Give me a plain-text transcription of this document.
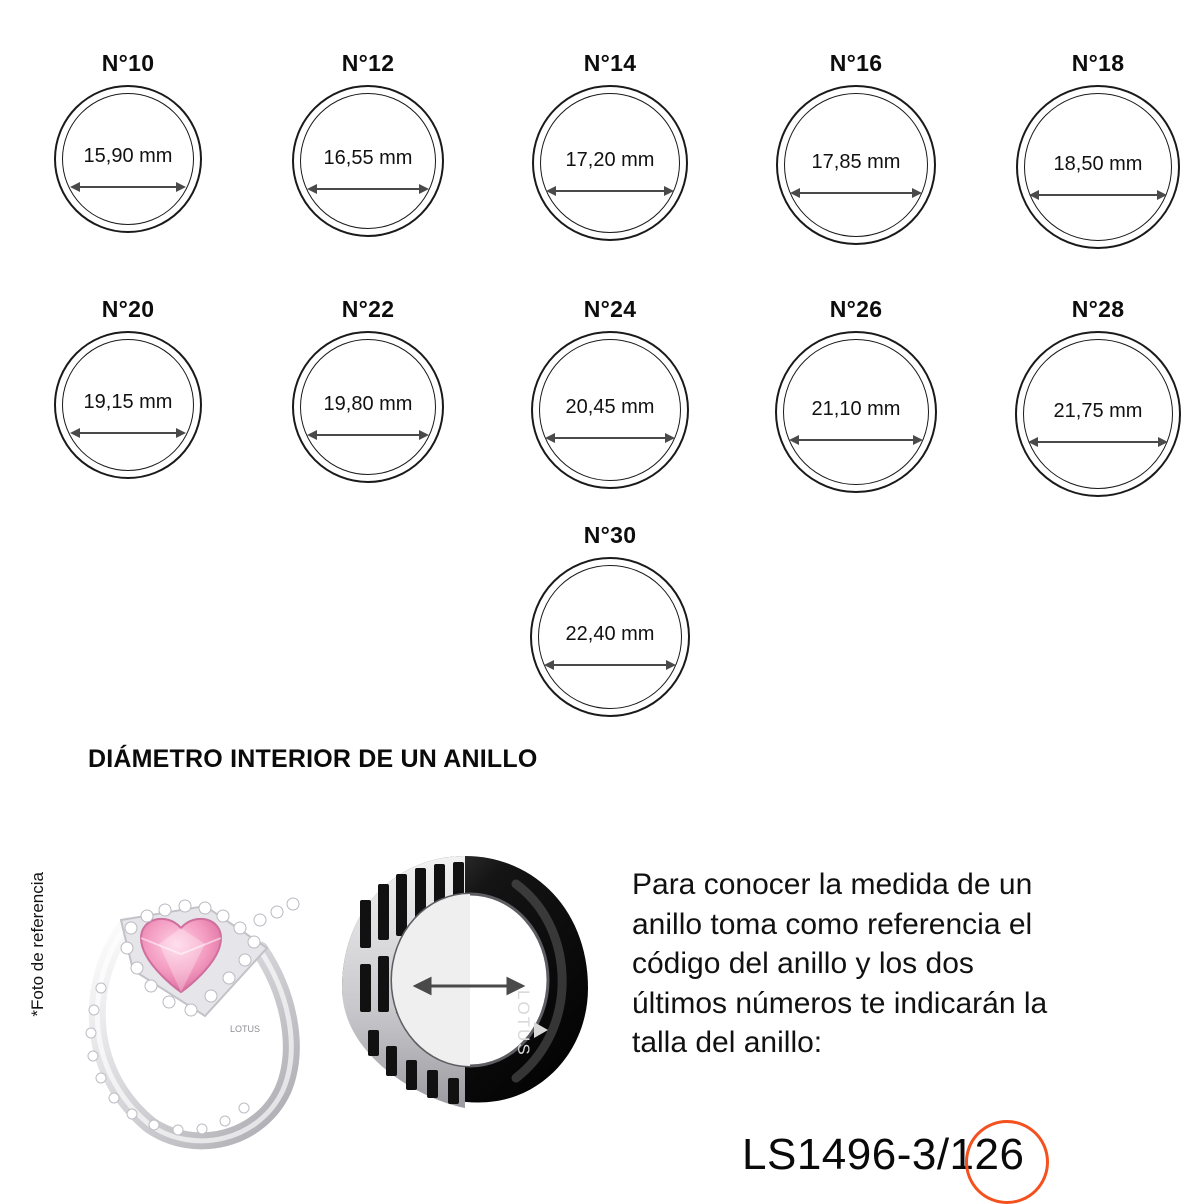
N°10
15,90 mm
N°12
16,55 mm
N°14
17,20 mm
N°16
17,85 mm
N°18
18,50 mm
N°20
19,15 mm
N°22
19,80 mm
N°24
20,45 mm
N°26
21,10 mm
N°28
21,75 mm
N°30
22,40 mm
DIÁMETRO INTERIOR DE UN ANILLO
*Foto de referencia
LOTUS	LOTUS

Para conocer la medida de un

anillo toma como referencia el

código del anillo y los dos

últimos números te indicarán la

talla del anillo:

LS1496-3/126
